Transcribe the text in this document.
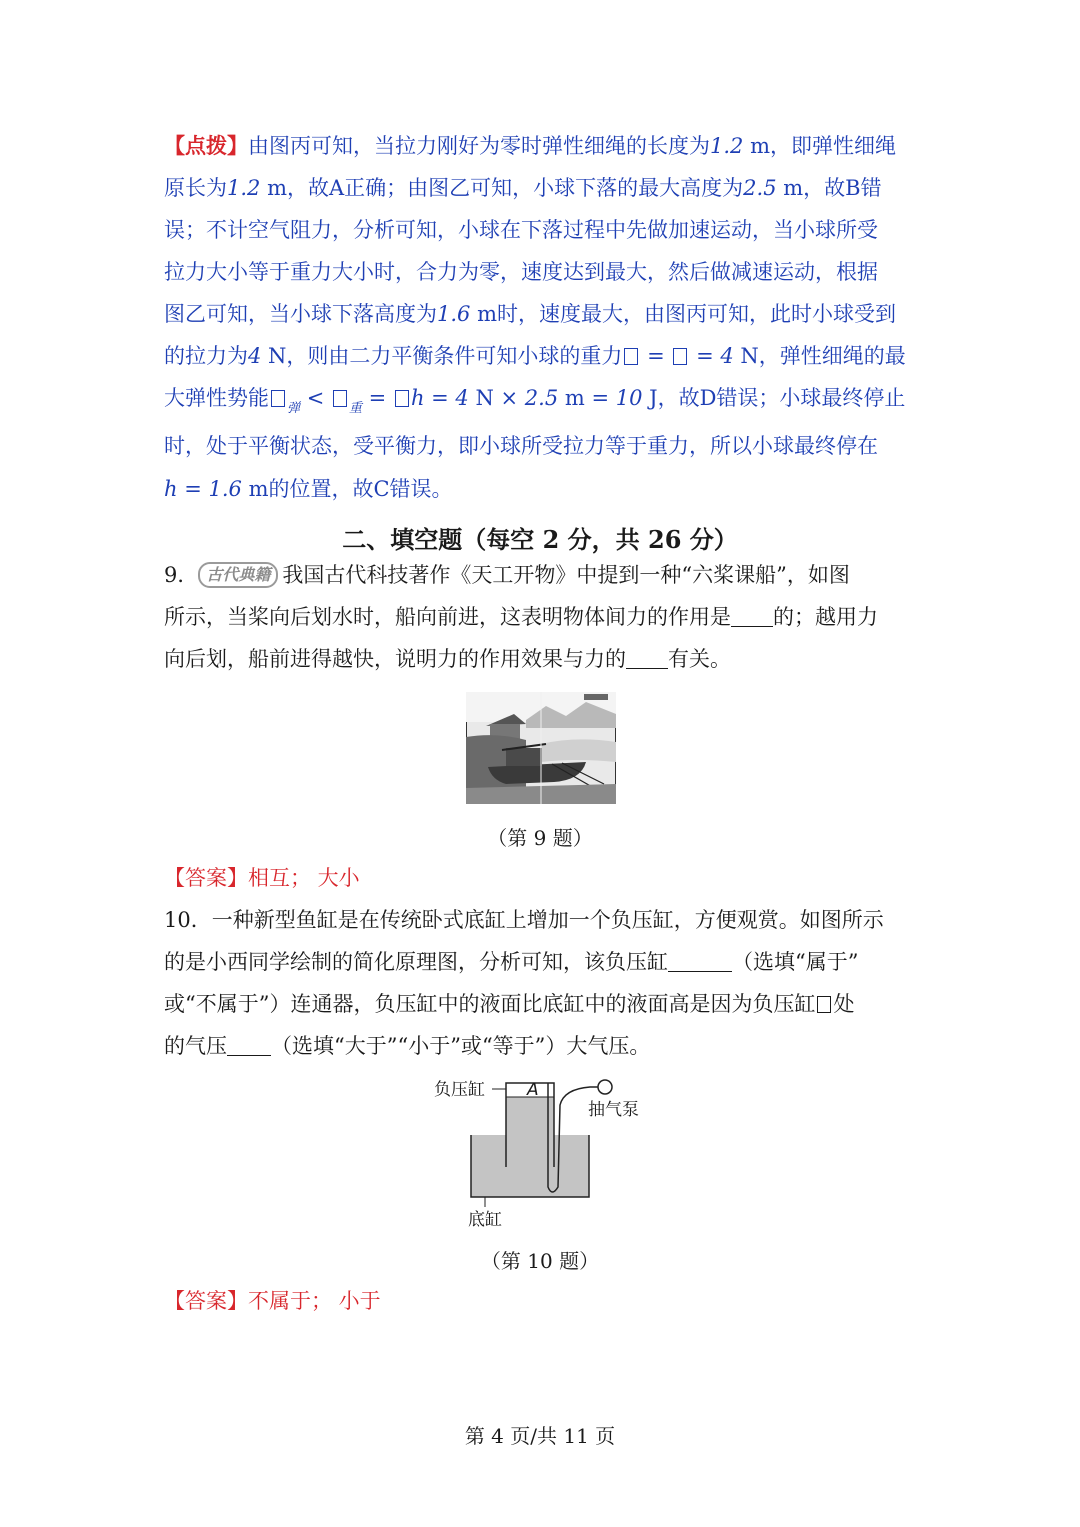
【点拨】由图丙可知，当拉力刚好为零时弹性细绳的长度为1.2 m，即弹性细绳
原长为1.2 m，故A正确；由图乙可知，小球下落的最大高度为2.5 m，故B错
误；不计空气阻力，分析可知，小球在下落过程中先做加速运动，当小球所受
拉力大小等于重力大小时，合力为零，速度达到最大，然后做减速运动，根据
图乙可知，当小球下落高度为1.6 m时，速度最大，由图丙可知，此时小球受到
的拉力为4 N，则由二力平衡条件可知小球的重力 =  = 4 N，弹性细绳的最
大弹性势能 $_弹$ < $_重$ = h = 4 N × 2.5 m = 10 J，故D错误；小球最终停止
时，处于平衡状态，受平衡力，即小球所受拉力等于重力，所以小球最终停在
h = 1.6 m的位置，故C错误。
二、填空题（每空 2 分，共 26 分）
9． 古代典籍 我国古代科技著作《天工开物》中提到一种“六桨课船”，如图
所示，当桨向后划水时，船向前进，这表明物体间力的作用是 的；越用力
向后划，船前进得越快，说明力的作用效果与力的 有关。
（第 9 题）
【答案】相互； 大小
10．一种新型鱼缸是在传统卧式底缸上增加一个负压缸，方便观赏。如图所示
的是小西同学绘制的简化原理图，分析可知，该负压缸	（选填“属于”
或“不属于”）连通器，负压缸中的液面比底缸中的液面高是因为负压缸 处
的气压 （选填“大于”“小于”或“等于”）大气压。
A
负压缸
抽气泵
底缸
（第 10 题）
【答案】不属于； 小于
第 4 页/共 11 页
